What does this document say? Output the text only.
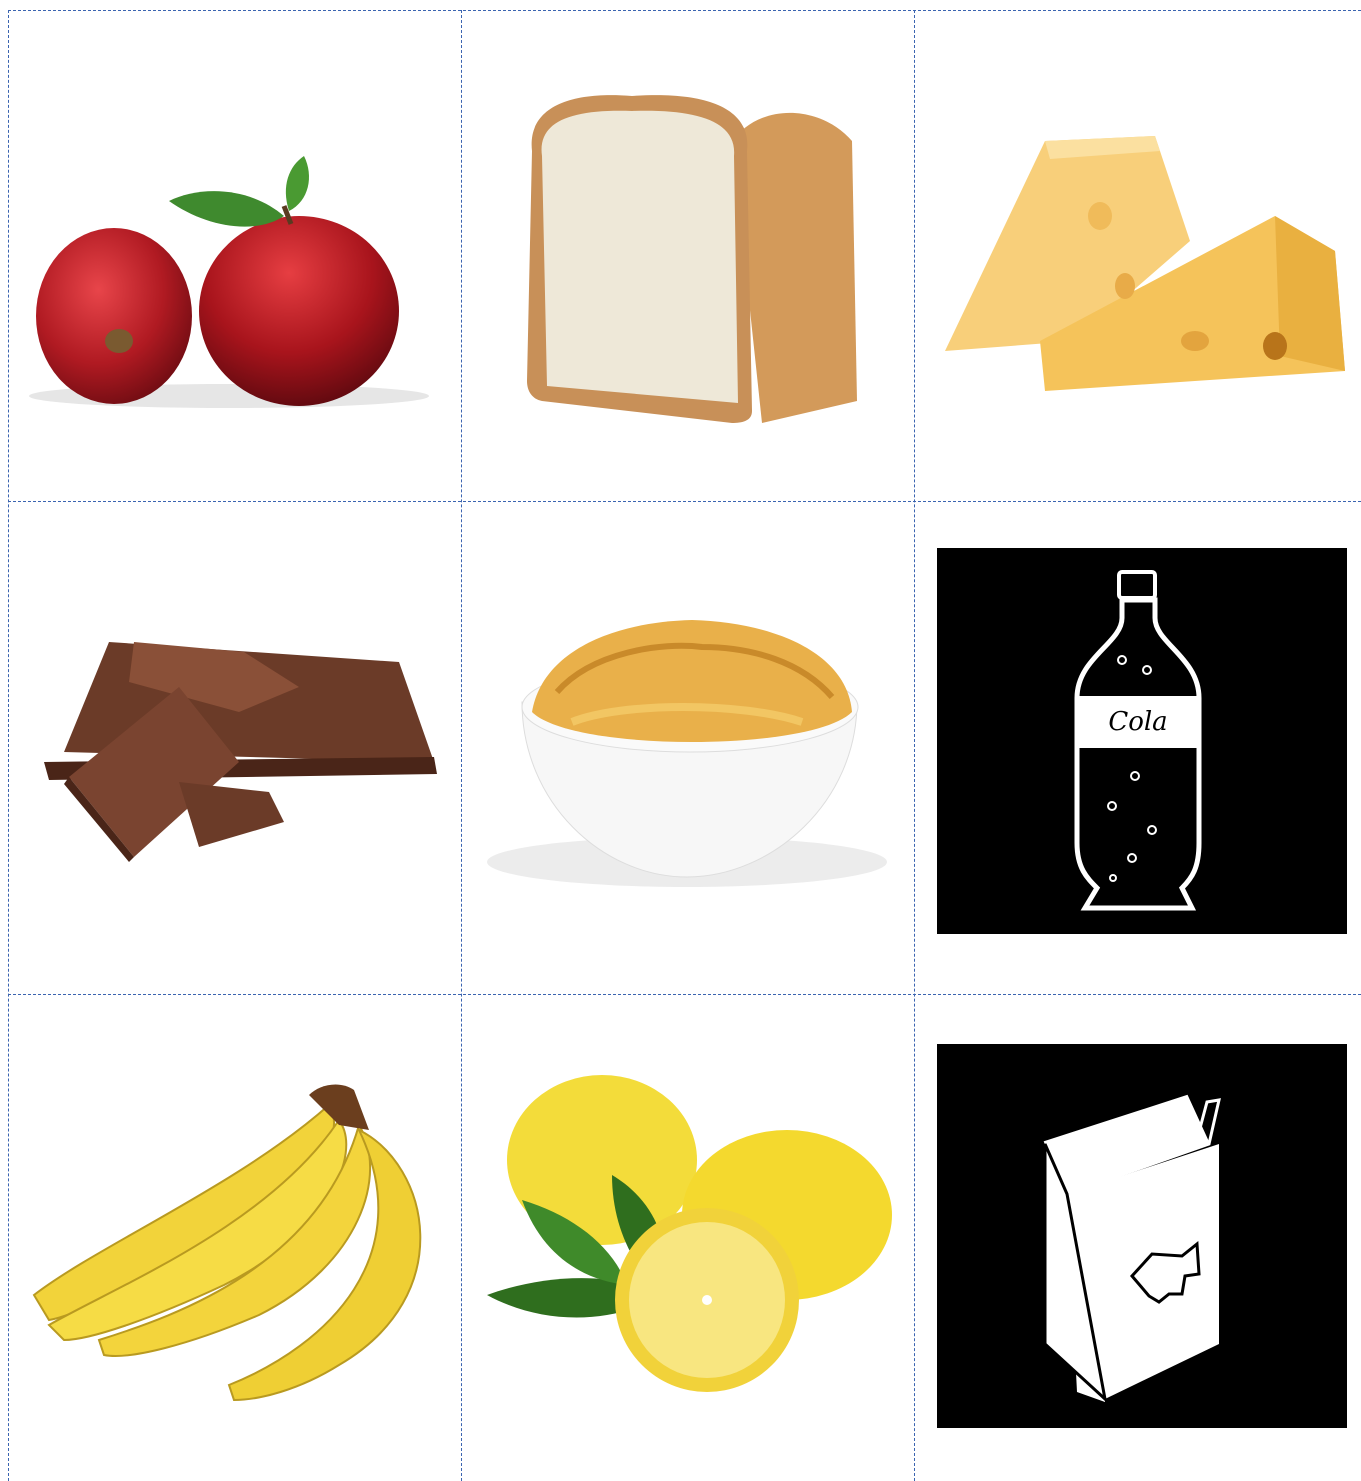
Cola
